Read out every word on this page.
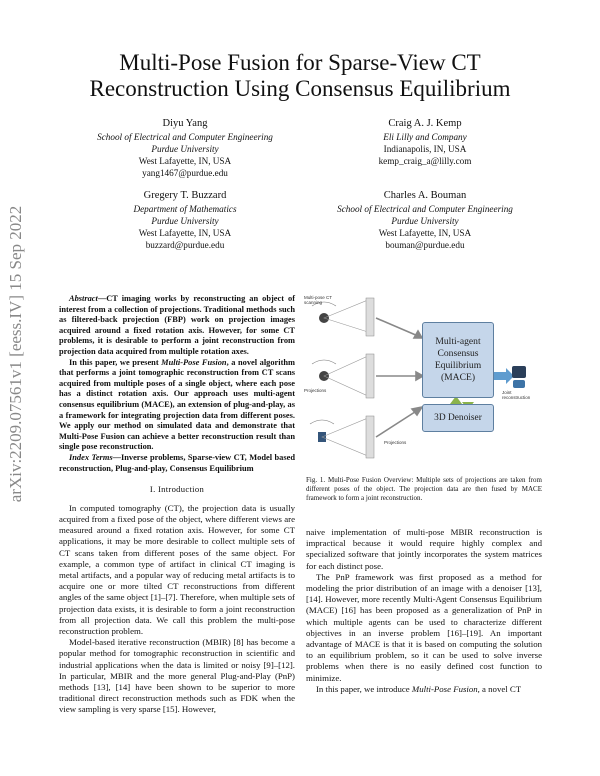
arXiv:2209.07561v1 [eess.IV] 15 Sep 2022
Multi-Pose Fusion for Sparse-View CT
Reconstruction Using Consensus Equilibrium
Diyu Yang
School of Electrical and Computer Engineering
Purdue University
West Lafayette, IN, USA
yang1467@purdue.edu
Craig A. J. Kemp
Eli Lilly and Company
Indianapolis, IN, USA
kemp_craig_a@lilly.com
Gregery T. Buzzard
Department of Mathematics
Purdue University
West Lafayette, IN, USA
buzzard@purdue.edu
Charles A. Bouman
School of Electrical and Computer Engineering
Purdue University
West Lafayette, IN, USA
bouman@purdue.edu

Abstract—CT imaging works by reconstructing an object of interest from a collection of projections. Traditional methods such as filtered-back projection (FBP) work on projection images acquired around a fixed rotation axis. However, for some CT problems, it is desirable to perform a joint reconstruction from projection data acquired from multiple rotation axes.

In this paper, we present Multi-Pose Fusion, a novel algorithm that performs a joint tomographic reconstruction from CT scans acquired from multiple poses of a single object, where each pose has a distinct rotation axis. Our approach uses multi-agent consensus equilibrium (MACE), an extension of plug-and-play, as a framework for integrating projection data from different poses. We apply our method on simulated data and demonstrate that Multi-Pose Fusion can achieve a better reconstruction result than single pose reconstruction.

Index Terms—Inverse problems, Sparse-view CT, Model based reconstruction, Plug-and-play, Consensus Equilibrium

I. Introduction

In computed tomography (CT), the projection data is usually acquired from a fixed pose of the object, where different views are measured around a fixed rotation axis. However, for some CT applications, it may be more desirable to collect multiple sets of CT scans taken from different poses of the same object. For example, a common type of artifact in clinical CT imaging is metal artifacts, and a popular way of reducing metal artifacts is to acquire one or more tilted CT reconstructions from different angles of the same object [1]–[7]. Therefore, when multiple sets of projection data exists, it is desirable to form a joint reconstruction from all projection data. We call this problem the multi-pose reconstruction problem.

Model-based iterative reconstruction (MBIR) [8] has become a popular method for tomographic reconstruction in scientific and industrial applications when the data is limited or noisy [9]–[12]. In particular, MBIR and the more general Plug-and-Play (PnP) methods [13], [14] have been shown to be superior to more traditional direct reconstruction methods such as FDK when the view sampling is very sparse [15]. However,

Multi-agent Consensus Equilibrium (MACE)
3D Denoiser
Multi-pose CT scanning
Projections
Projections
Joint reconstruction
Fig. 1. Multi-Pose Fusion Overview: Multiple sets of projections are taken from different poses of the object. The projection data are then fused by MACE framework to form a joint reconstruction.

naive implementation of multi-pose MBIR reconstruction is impractical because it would require highly complex and specialized software that jointly incorporates the system matrices for each distinct pose.

The PnP framework was first proposed as a method for modeling the prior distribution of an image with a denoiser [13], [14]. However, more recently Multi-Agent Consensus Equilibrium (MACE) [16] has been proposed as a generalization of PnP in which multiple agents can be used to characterize different objectives in an inverse problem [16]–[19]. An important advantage of MACE is that it is based on computing the solution to an equilibrium problem, so it can be used to solve inverse problems when there is no easily defined cost function to minimize.

In this paper, we introduce Multi-Pose Fusion, a novel CT
